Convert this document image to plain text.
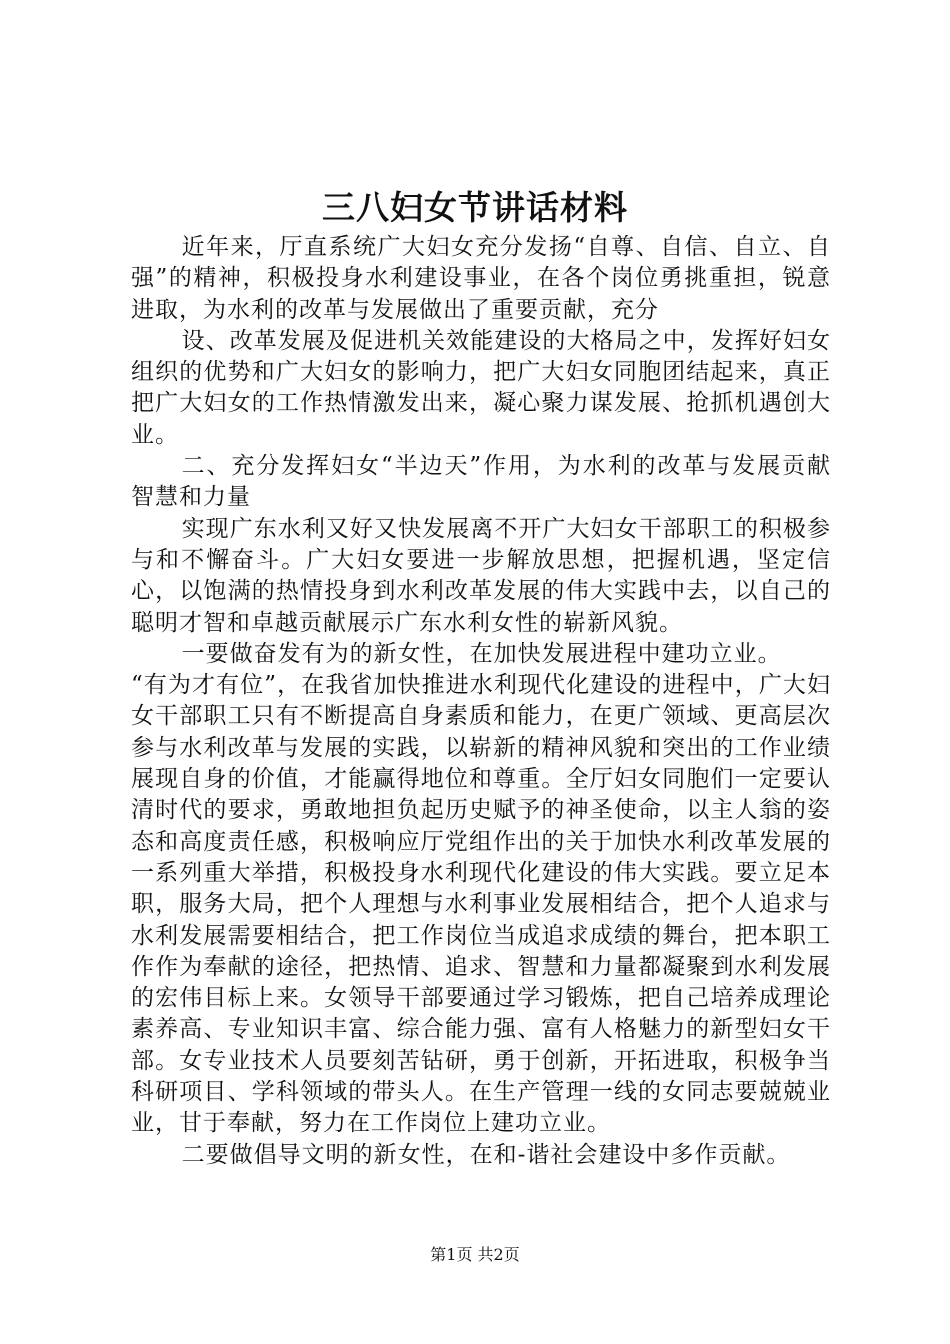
三八妇女节讲话材料

近年来，厅直系统广大妇女充分发扬“自尊、自信、自立、自强”的精神，积极投身水利建设事业，在各个岗位勇挑重担，锐意进取，为水利的改革与发展做出了重要贡献，充分

设、改革发展及促进机关效能建设的大格局之中，发挥好妇女组织的优势和广大妇女的影响力，把广大妇女同胞团结起来，真正把广大妇女的工作热情激发出来，凝心聚力谋发展、抢抓机遇创大业。

二、充分发挥妇女“半边天”作用，为水利的改革与发展贡献智慧和力量

实现广东水利又好又快发展离不开广大妇女干部职工的积极参与和不懈奋斗。广大妇女要进一步解放思想，把握机遇，坚定信心，以饱满的热情投身到水利改革发展的伟大实践中去，以自己的聪明才智和卓越贡献展示广东水利女性的崭新风貌。

一要做奋发有为的新女性，在加快发展进程中建功立业。

“有为才有位”，在我省加快推进水利现代化建设的进程中，广大妇女干部职工只有不断提高自身素质和能力，在更广领域、更高层次参与水利改革与发展的实践，以崭新的精神风貌和突出的工作业绩展现自身的价值，才能赢得地位和尊重。全厅妇女同胞们一定要认清时代的要求，勇敢地担负起历史赋予的神圣使命，以主人翁的姿态和高度责任感，积极响应厅党组作出的关于加快水利改革发展的一系列重大举措，积极投身水利现代化建设的伟大实践。要立足本职，服务大局，把个人理想与水利事业发展相结合，把个人追求与水利发展需要相结合，把工作岗位当成追求成绩的舞台，把本职工作作为奉献的途径，把热情、追求、智慧和力量都凝聚到水利发展的宏伟目标上来。女领导干部要通过学习锻炼，把自己培养成理论素养高、专业知识丰富、综合能力强、富有人格魅力的新型妇女干部。女专业技术人员要刻苦钻研，勇于创新，开拓进取，积极争当科研项目、学科领域的带头人。在生产管理一线的女同志要兢兢业业，甘于奉献，努力在工作岗位上建功立业。

二要做倡导文明的新女性，在和-谐社会建设中多作贡献。

第1页 共2页
